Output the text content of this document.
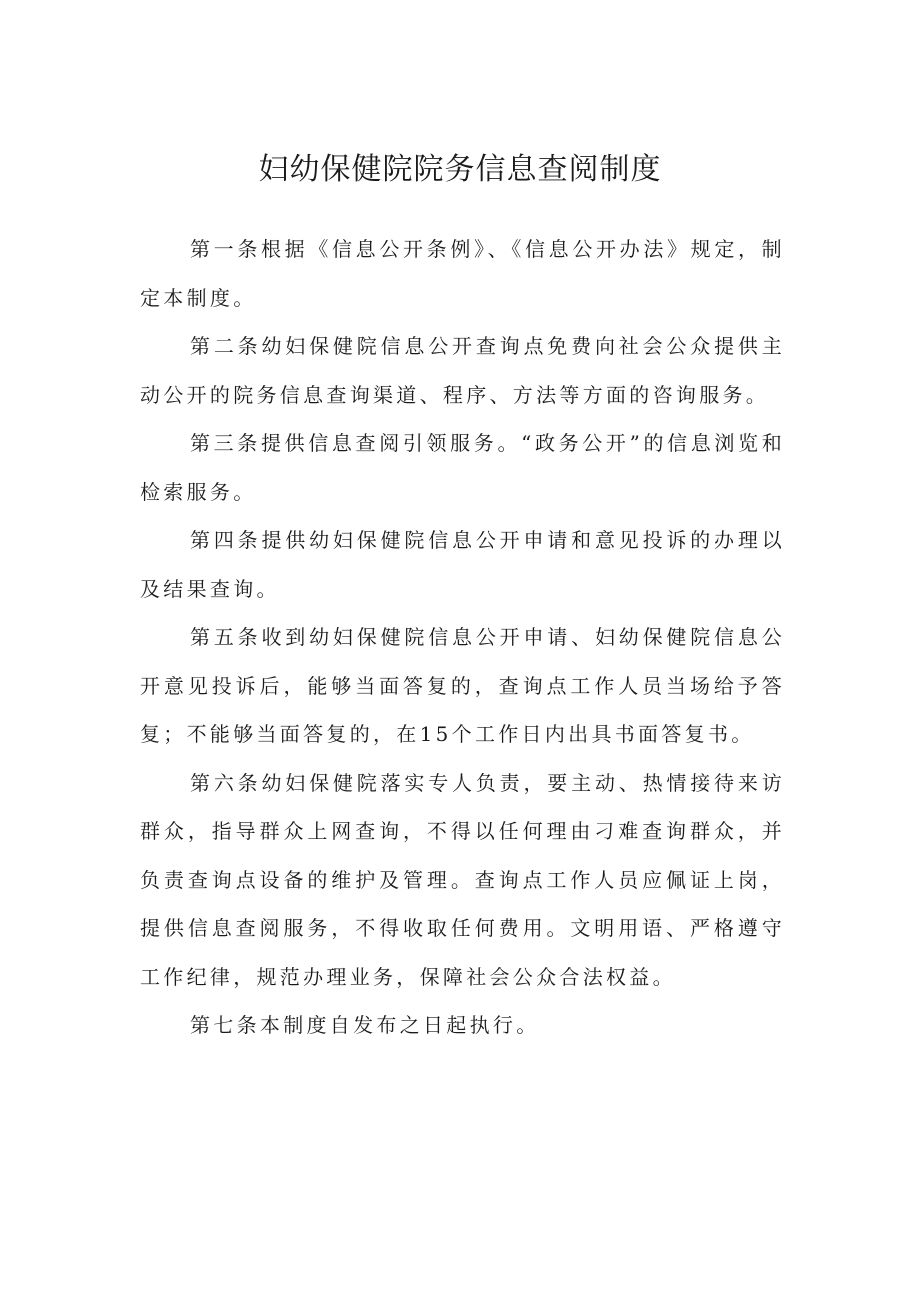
妇幼保健院院务信息查阅制度

第一条根据《信息公开条例》、《信息公开办法》规定，制定本制度。

第二条幼妇保健院信息公开查询点免费向社会公众提供主动公开的院务信息查询渠道、程序、方法等方面的咨询服务。

第三条提供信息查阅引领服务。“政务公开”的信息浏览和检索服务。

第四条提供幼妇保健院信息公开申请和意见投诉的办理以及结果查询。

第五条收到幼妇保健院信息公开申请、妇幼保健院信息公开意见投诉后，能够当面答复的，查询点工作人员当场给予答复；不能够当面答复的，在15个工作日内出具书面答复书。

第六条幼妇保健院落实专人负责，要主动、热情接待来访群众，指导群众上网查询，不得以任何理由刁难查询群众，并负责查询点设备的维护及管理。查询点工作人员应佩证上岗，提供信息查阅服务，不得收取任何费用。文明用语、严格遵守工作纪律，规范办理业务，保障社会公众合法权益。

第七条本制度自发布之日起执行。
